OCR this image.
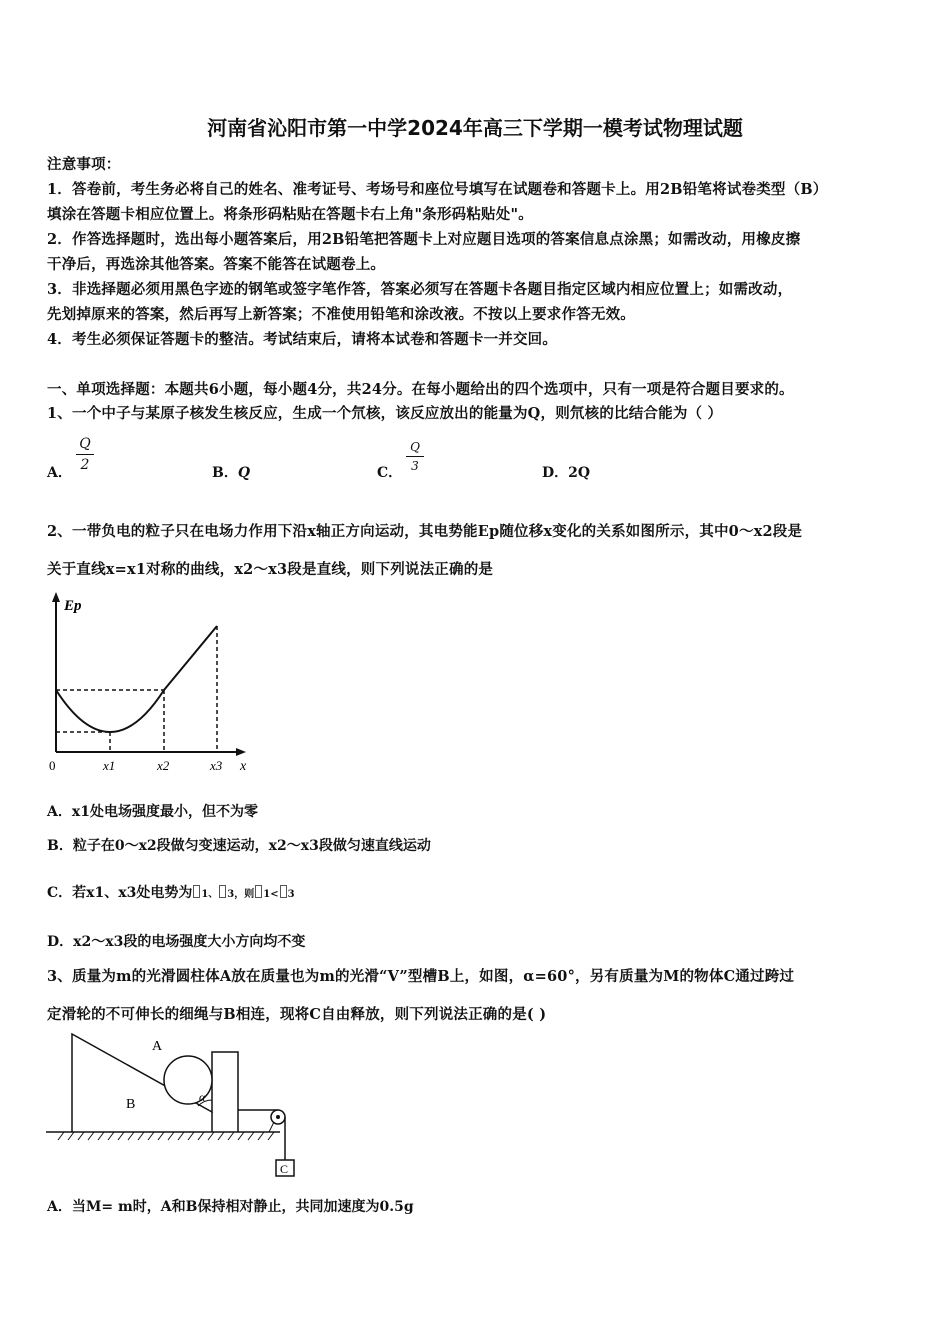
河南省沁阳市第一中学2024年高三下学期一模考试物理试题
注意事项：
1．答卷前，考生务必将自己的姓名、准考证号、考场号和座位号填写在试题卷和答题卡上。用2B铅笔将试卷类型（B）
填涂在答题卡相应位置上。将条形码粘贴在答题卡右上角"条形码粘贴处"。
2．作答选择题时，选出每小题答案后，用2B铅笔把答题卡上对应题目选项的答案信息点涂黑；如需改动，用橡皮擦
干净后，再选涂其他答案。答案不能答在试题卷上。
3．非选择题必须用黑色字迹的钢笔或签字笔作答，答案必须写在答题卡各题目指定区域内相应位置上；如需改动，
先划掉原来的答案，然后再写上新答案；不准使用铅笔和涂改液。不按以上要求作答无效。
4．考生必须保证答题卡的整洁。考试结束后，请将本试卷和答题卡一并交回。
一、单项选择题：本题共6小题，每小题4分，共24分。在每小题给出的四个选项中，只有一项是符合题目要求的。
1、一个中子与某原子核发生核反应，生成一个氘核，该反应放出的能量为Q，则氘核的比结合能为（ ）
A．
Q
2	B．Q	C．
Q
3	D．2Q
2、一带负电的粒子只在电场力作用下沿x轴正方向运动，其电势能Ep随位移x变化的关系如图所示，其中0～x2段是
关于直线x=x1对称的曲线，x2～x3段是直线，则下列说法正确的是
Ep
0	x1	x2	x3 x
A．x1处电场强度最小，但不为零
B．粒子在0～x2段做匀变速运动，x2～x3段做匀速直线运动
C．若x1、x3处电势为 1、 3，则 1< 3
D．x2～x3段的电场强度大小方向均不变
3、质量为m的光滑圆柱体A放在质量也为m的光滑“V”型槽B上，如图，α=60°，另有质量为M的物体C通过跨过
定滑轮的不可伸长的细绳与B相连，现将C自由释放，则下列说法正确的是( )
A
B
C
α
A．当M= m时，A和B保持相对静止，共同加速度为0.5g
